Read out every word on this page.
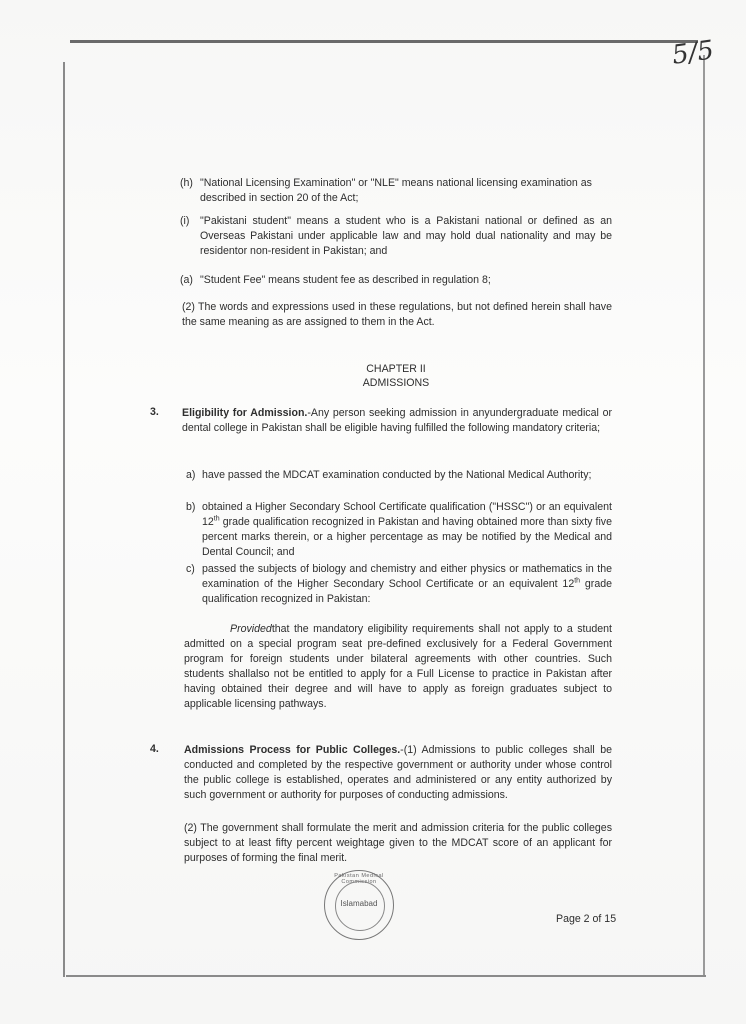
5/5
(h) "National Licensing Examination" or "NLE" means national licensing examination as described in section 20 of the Act;
(i) "Pakistani student" means a student who is a Pakistani national or defined as an Overseas Pakistani under applicable law and may hold dual nationality and may be residentor non-resident in Pakistan; and
(a) "Student Fee" means student fee as described in regulation 8;
(2) The words and expressions used in these regulations, but not defined herein shall have the same meaning as are assigned to them in the Act.
CHAPTER II
ADMISSIONS
3. Eligibility for Admission.-Any person seeking admission in anyundergraduate medical or dental college in Pakistan shall be eligible having fulfilled the following mandatory criteria;
a) have passed the MDCAT examination conducted by the National Medical Authority;
b) obtained a Higher Secondary School Certificate qualification ("HSSC") or an equivalent 12th grade qualification recognized in Pakistan and having obtained more than sixty five percent marks therein, or a higher percentage as may be notified by the Medical and Dental Council; and
c) passed the subjects of biology and chemistry and either physics or mathematics in the examination of the Higher Secondary School Certificate or an equivalent 12th grade qualification recognized in Pakistan:
Providedthat the mandatory eligibility requirements shall not apply to a student admitted on a special program seat pre-defined exclusively for a Federal Government program for foreign students under bilateral agreements with other countries. Such students shallalso not be entitled to apply for a Full License to practice in Pakistan after having obtained their degree and will have to apply as foreign graduates subject to applicable licensing pathways.
4. Admissions Process for Public Colleges.-(1) Admissions to public colleges shall be conducted and completed by the respective government or authority under whose control the public college is established, operates and administered or any entity authorized by such government or authority for purposes of conducting admissions.
(2) The government shall formulate the merit and admission criteria for the public colleges subject to at least fifty percent weightage given to the MDCAT score of an applicant for purposes of forming the final merit.
Pakistan Medical Commission
Islamabad
Page 2 of 15
